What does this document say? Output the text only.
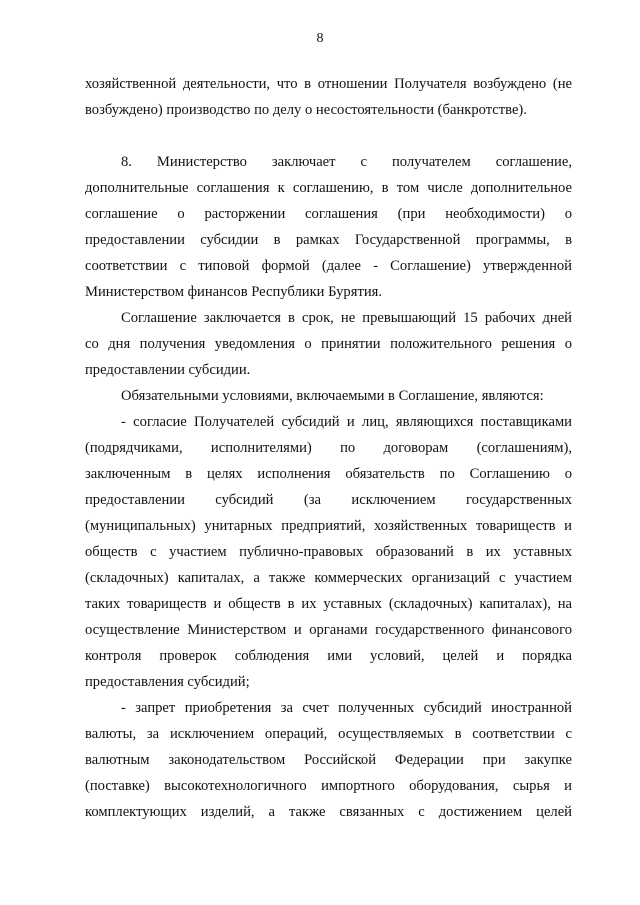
8

хозяйственной деятельности, что в отношении Получателя возбуждено (не
возбуждено) производство по делу о несостоятельности (банкротстве).

8.    Министерство    заключает    с    получателем    соглашение,
дополнительные соглашения к соглашению, в том числе дополнительное
соглашение   о   расторжении   соглашения   (при   необходимости)   о
предоставлении субсидии в рамках Государственной программы, в
соответствии с типовой формой (далее - Соглашение) утвержденной
Министерством финансов Республики Бурятия.

Соглашение заключается в срок, не превышающий 15 рабочих дней
со дня получения уведомления о принятии положительного решения о
предоставлении субсидии.

Обязательными условиями, включаемыми в Соглашение, являются:

- согласие Получателей субсидий и лиц, являющихся поставщиками
(подрядчиками,   исполнителями)   по   договорам   (соглашениям),
заключенным в целях исполнения обязательств по Соглашению о
предоставлении   субсидий   (за   исключением   государственных
(муниципальных) унитарных предприятий, хозяйственных товариществ и
обществ с участием публично-правовых образований в их уставных
(складочных) капиталах, а также коммерческих организаций с участием
таких товариществ и обществ в их уставных (складочных) капиталах), на
осуществление Министерством и органами государственного финансового
контроля проверок соблюдения ими условий, целей и порядка
предоставления субсидий;

- запрет приобретения за счет полученных субсидий иностранной
валюты, за исключением операций, осуществляемых в соответствии с
валютным законодательством Российской Федерации при закупке
(поставке) высокотехнологичного импортного оборудования, сырья и
комплектующих изделий, а также связанных с достижением целей
